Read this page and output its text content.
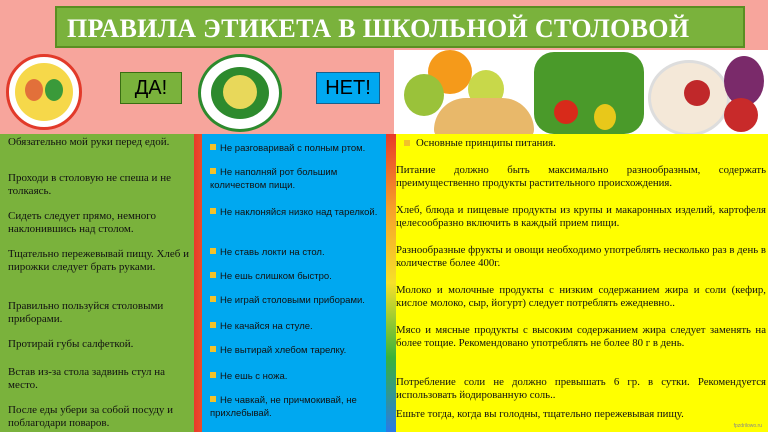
ПРАВИЛА ЭТИКЕТА В ШКОЛЬНОЙ СТОЛОВОЙ
ДА!	НЕТ!
Обязательно мой руки перед едой.
Проходи в столовую не спеша и не толкаясь.
Сидеть следует прямо, немного наклонившись над столом.
Тщательно пережевывай пищу. Хлеб и пирожки следует брать руками.
Правильно пользуйся столовыми приборами.
Протирай губы салфеткой.
Встав из-за стола задвинь стул на место.
После еды убери за собой посуду и поблагодари поваров.
Не разговаривай с полным ртом.
Не наполняй рот большим количеством пищи.
Не наклоняйся низко над тарелкой.
Не ставь локти на стол.
Не ешь слишком быстро.
Не играй столовыми приборами.
Не качайся на стуле.
Не вытирай хлебом тарелку.
Не ешь с ножа.
Не чавкай, не причмокивай, не прихлебывай.
Основные принципы питания.
Питание должно быть максимально разнообразным, содержать преимущественно продукты растительного происхождения.
Хлеб, блюда и пищевые продукты из крупы и макаронных изделий, картофеля целесообразно включить в каждый прием пищи.
Разнообразные фрукты и овощи необходимо употреблять несколько раз в день в количестве более 400г.
Молоко и молочные продукты с низким содержанием жира и соли (кефир, кислое молоко, сыр, йогурт) следует потреблять ежедневно..
Мясо и мясные продукты с высоким содержанием жира следует заменять на более тощие. Рекомендовано употреблять не более 80 г в день.
Потребление соли не должно превышать 6 гр. в сутки. Рекомендуется использовать йодированную соль..
Ешьте тогда, когда вы голодны, тщательно пережевывая пищу.
fpzdrilowo.ru
